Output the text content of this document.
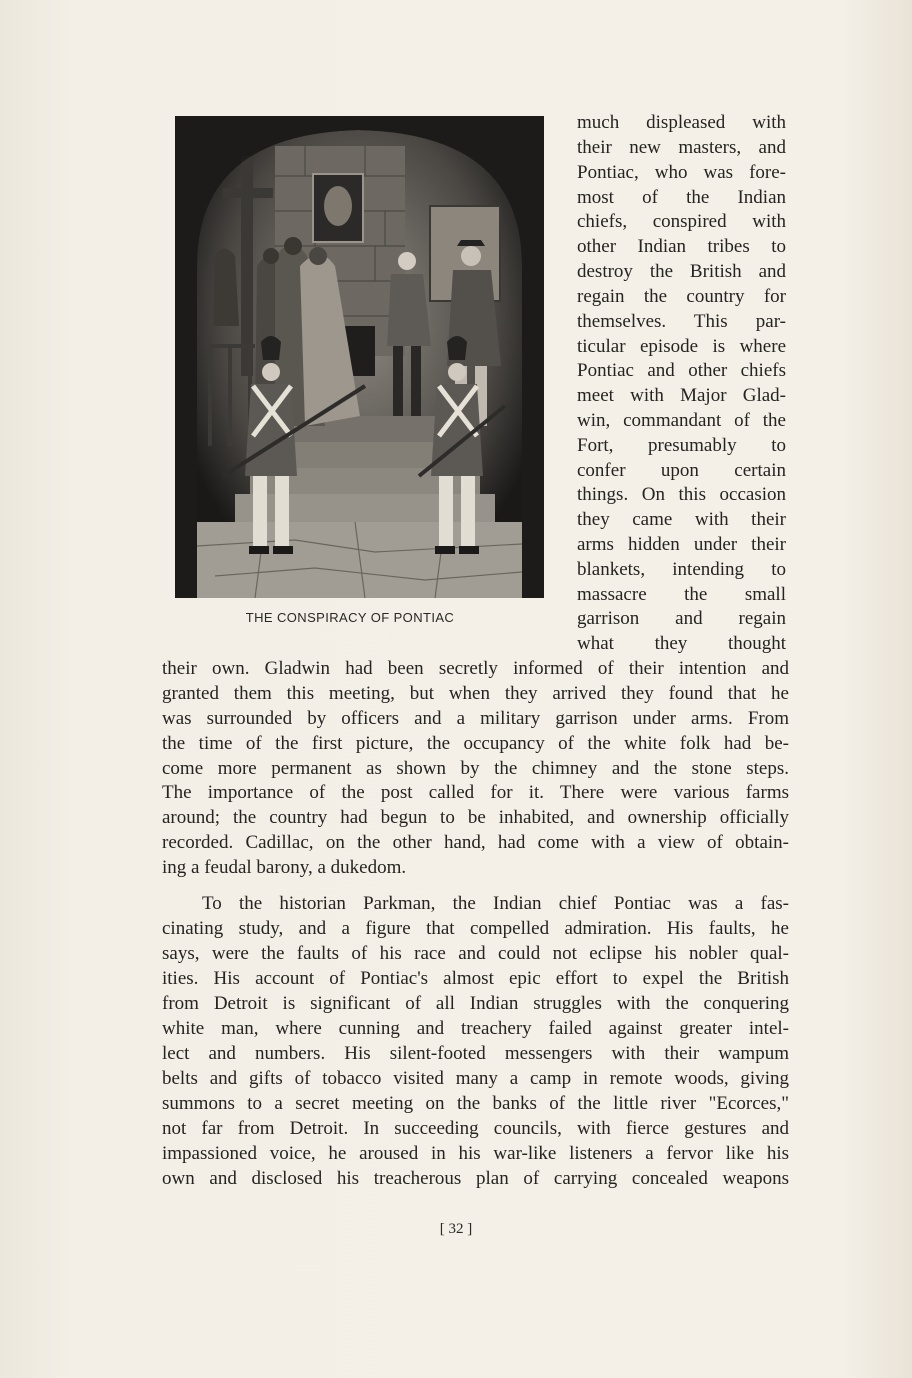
THE CONSPIRACY OF PONTIAC
much displeased with
their new masters, and
Pontiac, who was fore-
most of the Indian
chiefs, conspired with
other Indian tribes to
destroy the British and
regain the country for
themselves. This par-
ticular episode is where
Pontiac and other chiefs
meet with Major Glad-
win, commandant of the
Fort, presumably to
confer upon certain
things. On this occasion
they came with their
arms hidden under their
blankets, intending to
massacre the small
garrison and regain
what they thought
their own. Gladwin had been secretly informed of their intention and
granted them this meeting, but when they arrived they found that he
was surrounded by officers and a military garrison under arms. From
the time of the first picture, the occupancy of the white folk had be-
come more permanent as shown by the chimney and the stone steps.
The importance of the post called for it. There were various farms
around; the country had begun to be inhabited, and ownership officially
recorded. Cadillac, on the other hand, had come with a view of obtain-
ing a feudal barony, a dukedom.
To the historian Parkman, the Indian chief Pontiac was a fas-
cinating study, and a figure that compelled admiration. His faults, he
says, were the faults of his race and could not eclipse his nobler qual-
ities. His account of Pontiac's almost epic effort to expel the British
from Detroit is significant of all Indian struggles with the conquering
white man, where cunning and treachery failed against greater intel-
lect and numbers. His silent-footed messengers with their wampum
belts and gifts of tobacco visited many a camp in remote woods, giving
summons to a secret meeting on the banks of the little river "Ecorces,"
not far from Detroit. In succeeding councils, with fierce gestures and
impassioned voice, he aroused in his war-like listeners a fervor like his
own and disclosed his treacherous plan of carrying concealed weapons
[ 32 ]
